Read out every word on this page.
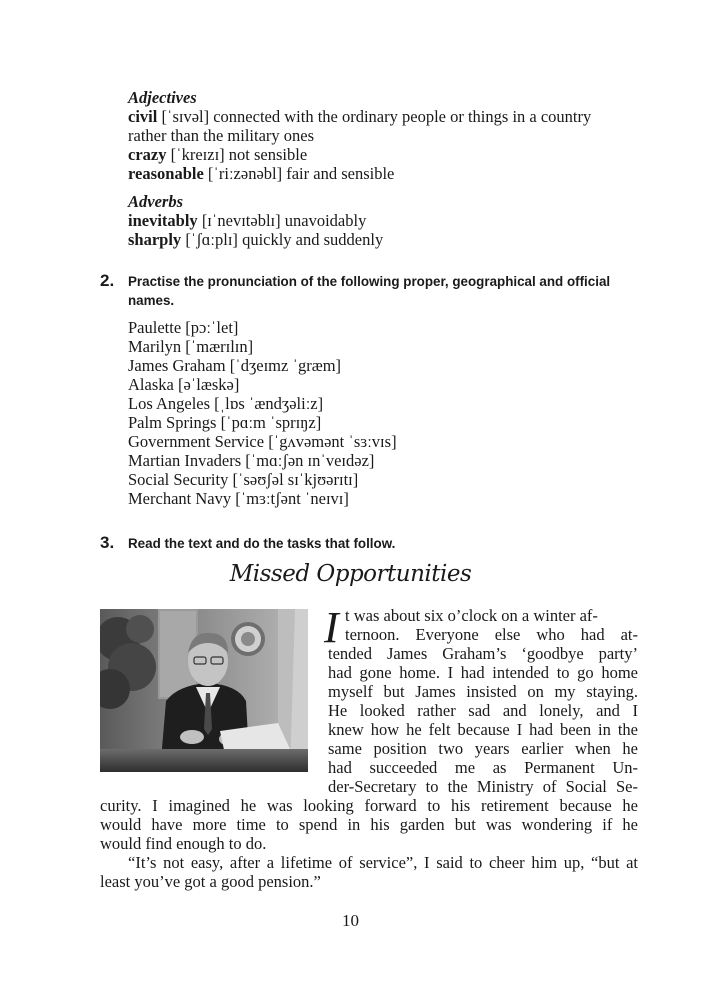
Adjectives
civil [ˈsɪvəl] connected with the ordinary people or things in a country
rather than the military ones
crazy [ˈkreɪzɪ] not sensible
reasonable [ˈriːzənəbl] fair and sensible
Adverbs
inevitably [ɪˈnevɪtəblɪ] unavoidably
sharply [ˈʃɑːplɪ] quickly and suddenly
2. Practise the pronunciation of the following proper, geographical and official
names.
Paulette [pɔːˈlet]
Marilyn [ˈmærɪlɪn]
James Graham [ˈdʒeɪmz ˈgræm]
Alaska [əˈlæskə]
Los Angeles [ˌlɒs ˈændʒəliːz]
Palm Springs [ˈpɑːm ˈsprɪŋz]
Government Service [ˈgʌvəmənt ˈsɜːvɪs]
Martian Invaders [ˈmɑːʃən ɪnˈveɪdəz]
Social Security [ˈsəʊʃəl sɪˈkjʊərɪtɪ]
Merchant Navy [ˈmɜːtʃənt ˈneɪvɪ]
3. Read the text and do the tasks that follow.
Missed Opportunities
I t was about six o’clock on a winter af-
ternoon. Everyone else who had at-
tended James Graham’s ‘goodbye party’
had gone home. I had intended to go home
myself but James insisted on my staying.
He looked rather sad and lonely, and I
knew how he felt because I had been in the
same position two years earlier when he
had succeeded me as Permanent Un-
der-Secretary to the Ministry of Social Se-
curity. I imagined he was looking forward to his retirement because he
would have more time to spend in his garden but was wondering if he
would find enough to do.
“It’s not easy, after a lifetime of service”, I said to cheer him up, “but at
least you’ve got a good pension.”
10
